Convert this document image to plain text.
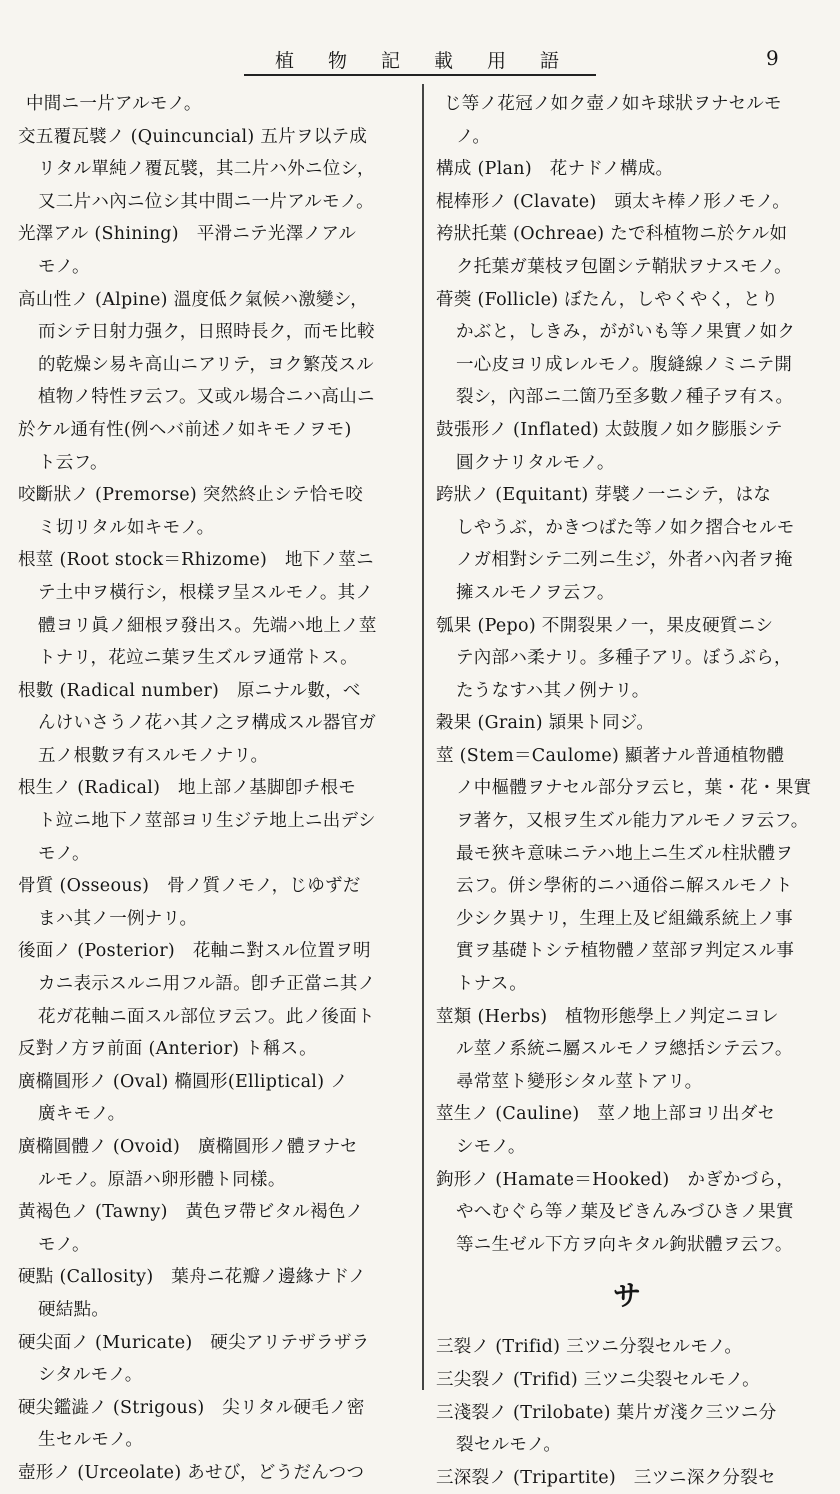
植物記載用語	9
中間ニ一片アルモノ。
交五覆瓦襞ノ (Quincuncial) 五片ヲ以テ成
リタル單純ノ覆瓦襞，其二片ハ外ニ位シ，
又二片ハ內ニ位シ其中間ニ一片アルモノ。
光澤アル (Shining)　平滑ニテ光澤ノアル
モノ。
高山性ノ (Alpine) 溫度低ク氣候ハ激變シ，
而シテ日射力强ク，日照時長ク，而モ比較
的乾燥シ易キ高山ニアリテ，ヨク繁茂スル
植物ノ特性ヲ云フ。又或ル場合ニハ高山ニ
於ケル通有性(例ヘバ前述ノ如キモノヲモ)
ト云フ。
咬斷狀ノ (Premorse) 突然終止シテ恰モ咬
ミ切リタル如キモノ。
根莖 (Root stock＝Rhizome)　地下ノ莖ニ
テ土中ヲ橫行シ，根樣ヲ呈スルモノ。其ノ
體ヨリ眞ノ細根ヲ發出ス。先端ハ地上ノ莖
トナリ，花竝ニ葉ヲ生ズルヲ通常トス。
根數 (Radical number)　原ニナル數，べ
んけいさうノ花ハ其ノ之ヲ構成スル器官ガ
五ノ根數ヲ有スルモノナリ。
根生ノ (Radical)　地上部ノ基脚卽チ根モ
ト竝ニ地下ノ莖部ヨリ生ジテ地上ニ出デシ
モノ。
骨質 (Osseous)　骨ノ質ノモノ，じゆずだ
まハ其ノ一例ナリ。
後面ノ (Posterior)　花軸ニ對スル位置ヲ明
カニ表示スルニ用フル語。卽チ正當ニ其ノ
花ガ花軸ニ面スル部位ヲ云フ。此ノ後面ト
反對ノ方ヲ前面 (Anterior) ト稱ス。
廣橢圓形ノ (Oval) 橢圓形(Elliptical) ノ
廣キモノ。
廣橢圓體ノ (Ovoid)　廣橢圓形ノ體ヲナセ
ルモノ。原語ハ卵形體ト同樣。
黃褐色ノ (Tawny)　黃色ヲ帶ビタル褐色ノ
モノ。
硬點 (Callosity)　葉舟ニ花瓣ノ邊緣ナドノ
硬結點。
硬尖面ノ (Muricate)　硬尖アリテザラザラ
シタルモノ。
硬尖鑑澁ノ (Strigous)　尖リタル硬毛ノ密
生セルモノ。
壺形ノ (Urceolate) あせび，どうだんつつ
じ等ノ花冠ノ如ク壺ノ如キ球狀ヲナセルモ
ノ。
構成 (Plan)　花ナドノ構成。
棍棒形ノ (Clavate)　頭太キ棒ノ形ノモノ。
袴狀托葉 (Ochreae) たで科植物ニ於ケル如
ク托葉ガ葉枝ヲ包圍シテ鞘狀ヲナスモノ。
蓇葖 (Follicle) ぼたん，しやくやく，とり
かぶと，しきみ，ががいも等ノ果實ノ如ク
一心皮ヨリ成レルモノ。腹縫線ノミニテ開
裂シ，內部ニ二箇乃至多數ノ種子ヲ有ス。
鼓張形ノ (Inflated) 太鼓腹ノ如ク膨脹シテ
圓クナリタルモノ。
跨狀ノ (Equitant) 芽襞ノ一ニシテ，はな
しやうぶ，かきつばた等ノ如ク摺合セルモ
ノガ相對シテ二列ニ生ジ，外者ハ內者ヲ掩
擁スルモノヲ云フ。
瓠果 (Pepo) 不開裂果ノ一，果皮硬質ニシ
テ內部ハ柔ナリ。多種子アリ。ぼうぶら，
たうなすハ其ノ例ナリ。
穀果 (Grain) 頴果ト同ジ。
莖 (Stem＝Caulome) 顯著ナル普通植物體
ノ中樞體ヲナセル部分ヲ云ヒ，葉・花・果實
ヲ著ケ，又根ヲ生ズル能力アルモノヲ云フ。
最モ狹キ意味ニテハ地上ニ生ズル柱狀體ヲ
云フ。併シ學術的ニハ通俗ニ解スルモノト
少シク異ナリ，生理上及ビ組織系統上ノ事
實ヲ基礎トシテ植物體ノ莖部ヲ判定スル事
トナス。
莖類 (Herbs)　植物形態學上ノ判定ニヨレ
ル莖ノ系統ニ屬スルモノヲ總括シテ云フ。
尋常莖ト變形シタル莖トアリ。
莖生ノ (Cauline)　莖ノ地上部ヨリ出ダセ
シモノ。
鉤形ノ (Hamate＝Hooked)　かぎかづら，
やへむぐら等ノ葉及ビきんみづひきノ果實
等ニ生ゼル下方ヲ向キタル鉤狀體ヲ云フ。
サ
三裂ノ (Trifid) 三ツニ分裂セルモノ。
三尖裂ノ (Trifid) 三ツニ尖裂セルモノ。
三淺裂ノ (Trilobate) 葉片ガ淺ク三ツニ分
裂セルモノ。
三深裂ノ (Tripartite)　三ツニ深ク分裂セ
